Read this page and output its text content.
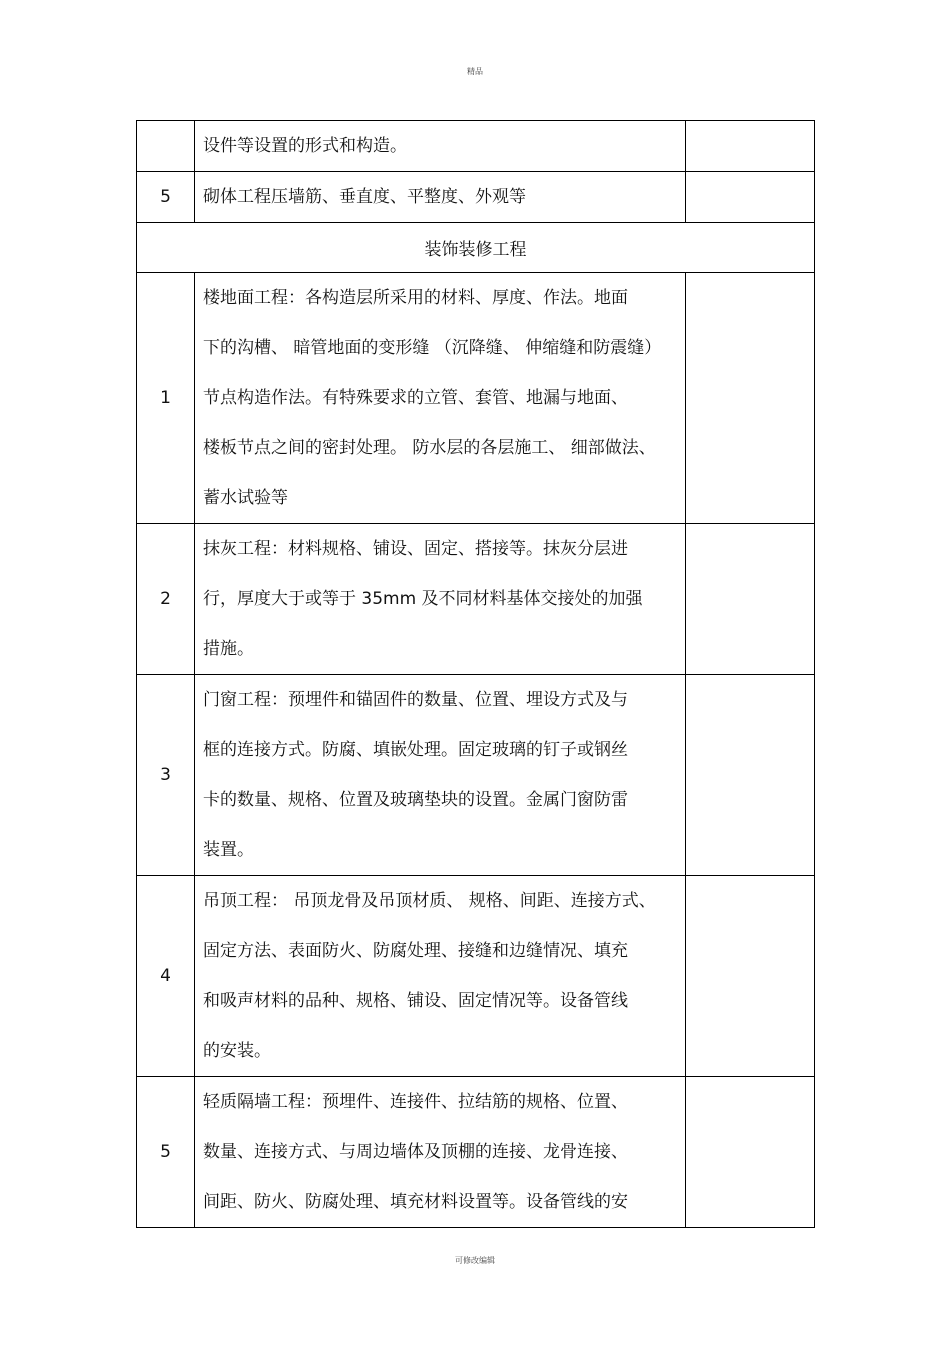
精品

	设件等设置的形式和构造。	

5	砌体工程压墙筋、垂直度、平整度、外观等	

装饰装修工程		
1	楼地面工程：各构造层所采用的材料、厚度、作法。地面
下的沟槽、 暗管地面的变形缝 （沉降缝、 伸缩缝和防震缝）
节点构造作法。有特殊要求的立管、套管、地漏与地面、
楼板节点之间的密封处理。 防水层的各层施工、 细部做法、
蓄水试验等	

2	抹灰工程：材料规格、铺设、固定、搭接等。抹灰分层进
行，厚度大于或等于 35mm 及不同材料基体交接处的加强
措施。	

3	门窗工程：预埋件和锚固件的数量、位置、埋设方式及与
框的连接方式。防腐、填嵌处理。固定玻璃的钉子或钢丝
卡的数量、规格、位置及玻璃垫块的设置。金属门窗防雷
装置。	

4	吊顶工程： 吊顶龙骨及吊顶材质、 规格、间距、连接方式、
固定方法、表面防火、防腐处理、接缝和边缝情况、填充
和吸声材料的品种、规格、铺设、固定情况等。设备管线
的安装。	

5	轻质隔墙工程：预埋件、连接件、拉结筋的规格、位置、
数量、连接方式、与周边墙体及顶棚的连接、龙骨连接、
间距、防火、防腐处理、填充材料设置等。设备管线的安	

可修改编辑
